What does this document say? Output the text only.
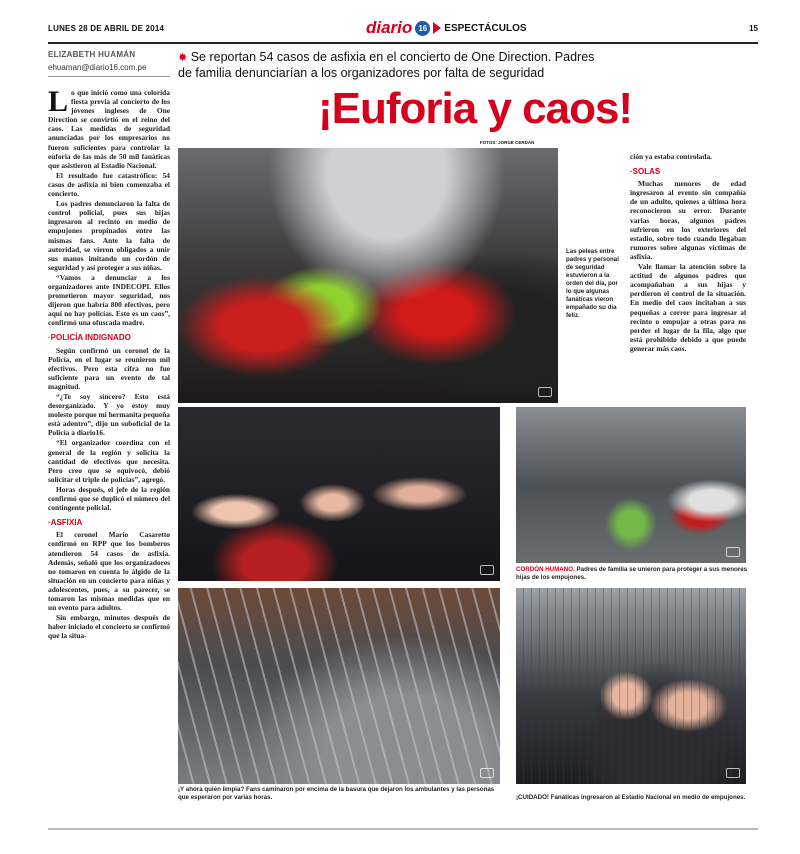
LUNES 28 DE ABRIL DE 2014	diario 16	ESPECTÁCULOS	15
ELIZABETH HUAMÁN
ehuaman@diario16.com.pe

Lo que inició como una colorida fiesta previa al concierto de los jóvenes ingleses de One Direction se convirtió en el reino del caos. Las medidas de seguridad anunciadas por los empresarios no fueron suficientes para controlar la euforia de las más de 50 mil fanáticas que asistieron al Estadio Nacional.

El resultado fue catastrófico: 54 casos de asfixia ni bien comenzaba el concierto.

Los padres denunciaron la falta de control policial, pues sus hijas ingresaron al recinto en medio de empujones propinados entre las mismas fans. Ante la falta de autoridad, se vieron obligados a unir sus manos imitando un cordón de seguridad y así proteger a sus niñas.

“Vamos a denunciar a los organizadores ante INDECOPI. Ellos prometieron mayor seguridad, nos dijeron que habría 800 efectivos, pero aquí no hay policías. Esto es un caos”, confirmó una ofuscada madre.

· POLICÍA INDIGNADO

Según confirmó un coronel de la Policía, en el lugar se reunieron mil efectivos. Pero esta cifra no fue suficiente para un evento de tal magnitud.

“¿Te soy sincero? Esto está desorganizado. Y yo estoy muy molesto porque mi hermanita pequeña está adentro”, dijo un suboficial de la Policía a diario16.

“El organizador coordina con el general de la región y solicita la cantidad de efectivos que necesita. Pero creo que se equivocó, debió solicitar el triple de policías”, agregó.

Horas después, el jefe de la región confirmó que se duplicó el número del contingente policial.

· ASFIXIA

El coronel Mario Casaretto confirmó en RPP que los bomberos atendieron 54 casos de asfixia. Además, señaló que los organizadores no tomaron en cuenta lo álgido de la situación en un concierto para niñas y adolescentes, pues, a su parecer, se tomaron las mismas medidas que en un evento para adultos.

Sin embargo, minutos después de haber iniciado el concierto se confirmó que la situa-

✸ Se reportan 54 casos de asfixia en el concierto de One Direction. Padres de familia denunciarían a los organizadores por falta de seguridad
¡Euforia y caos!
FOTOS: JORGE CERDÁN
Las peleas entre padres y personal de seguridad estuvieron a la orden del día, por lo que algunas fanáticas vieron empañado su día feliz.

ción ya estaba controlada.

· SOLAS

Muchas menores de edad ingresaron al evento sin compañía de un adulto, quienes a última hora reconocieron su error. Durante varias horas, algunos padres sufrieron en los exteriores del estadio, sobre todo cuando llegaban rumores sobre algunas víctimas de asfixia.

Vale llamar la atención sobre la actitud de algunos padres que acompañaban a sus hijas y perdieron el control de la situación. En medio del caos incitaban a sus pequeñas a correr para ingresar al recinto o empujar a otras para no perder el lugar de la fila, algo que está prohibido debido a que puede generar más caos.

CORDÓN HUMANO. Padres de familia se unieron para proteger a sus menores hijas de los empujones.
¡Y ahora quién limpia? Fans caminaron por encima de la basura que dejaron los ambulantes y las personas que esperaron por varias horas.	¡CUIDADO! Fanáticas ingresaron al Estadio Nacional en medio de empujones.
